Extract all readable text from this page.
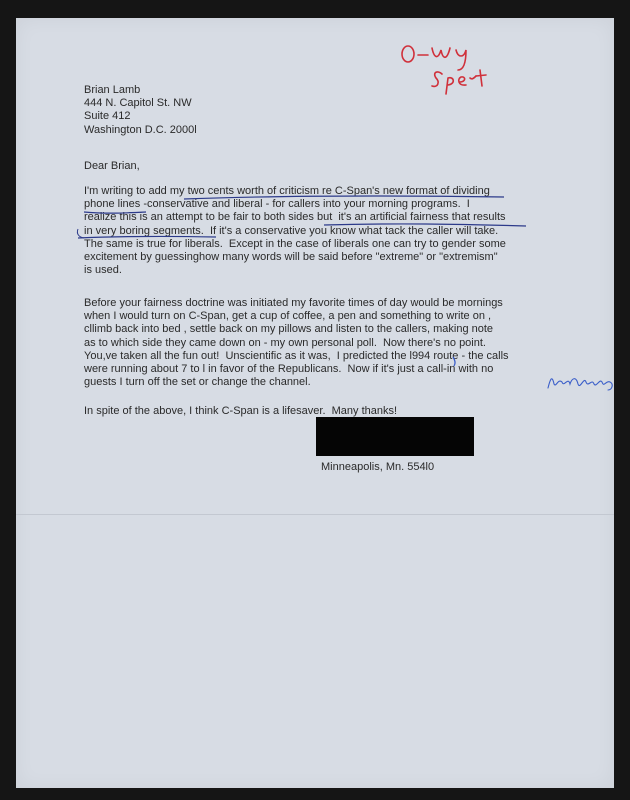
Brian Lamb
444 N. Capitol St. NW
Suite 412
Washington D.C. 2000l
Dear Brian,
I'm writing to add my two cents worth of criticism re C-Span's new format of dividing
phone lines -conservative and liberal - for callers into your morning programs.  I
realize this is an attempt to be fair to both sides but  it's an artificial fairness that results
in very boring segments.  If it's a conservative you know what tack the caller will take.
The same is true for liberals.  Except in the case of liberals one can try to gender some
excitement by guessinghow many words will be said before "extreme" or "extremism"
is used.
Before your fairness doctrine was initiated my favorite times of day would be mornings
when I would turn on C-Span, get a cup of coffee, a pen and something to write on ,
cllimb back into bed , settle back on my pillows and listen to the callers, making note
as to which side they came down on - my own personal poll.  Now there's no point.
You,ve taken all the fun out!  Unscientific as it was,  I predicted the l994 route - the calls
were running about 7 to l in favor of the Republicans.  Now if it's just a call-in with no
guests I turn off the set or change the channel.
In spite of the above, I think C-Span is a lifesaver.  Many thanks!
Minneapolis, Mn. 554l0
